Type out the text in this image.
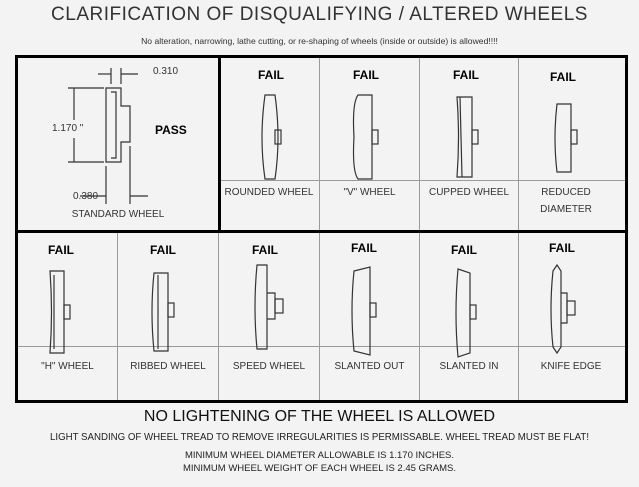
CLARIFICATION OF DISQUALIFYING / ALTERED WHEELS
No alteration, narrowing, lathe cutting, or re-shaping of wheels (inside or outside) is allowed!!!!
0.310
1.170 "
0.380
PASS
STANDARD WHEEL
FAIL
ROUNDED WHEEL
FAIL
"V" WHEEL
FAIL
CUPPED WHEEL
FAIL
REDUCED
DIAMETER
FAIL
"H" WHEEL
FAIL
RIBBED WHEEL
FAIL
SPEED WHEEL
FAIL
SLANTED OUT
FAIL
SLANTED IN
FAIL
KNIFE EDGE
NO LIGHTENING OF THE WHEEL IS ALLOWED
LIGHT SANDING OF WHEEL TREAD TO REMOVE IRREGULARITIES IS PERMISSABLE. WHEEL TREAD MUST BE FLAT!
MINIMUM WHEEL DIAMETER ALLOWABLE IS 1.170 INCHES.
MINIMUM WHEEL WEIGHT OF EACH WHEEL IS 2.45 GRAMS.
